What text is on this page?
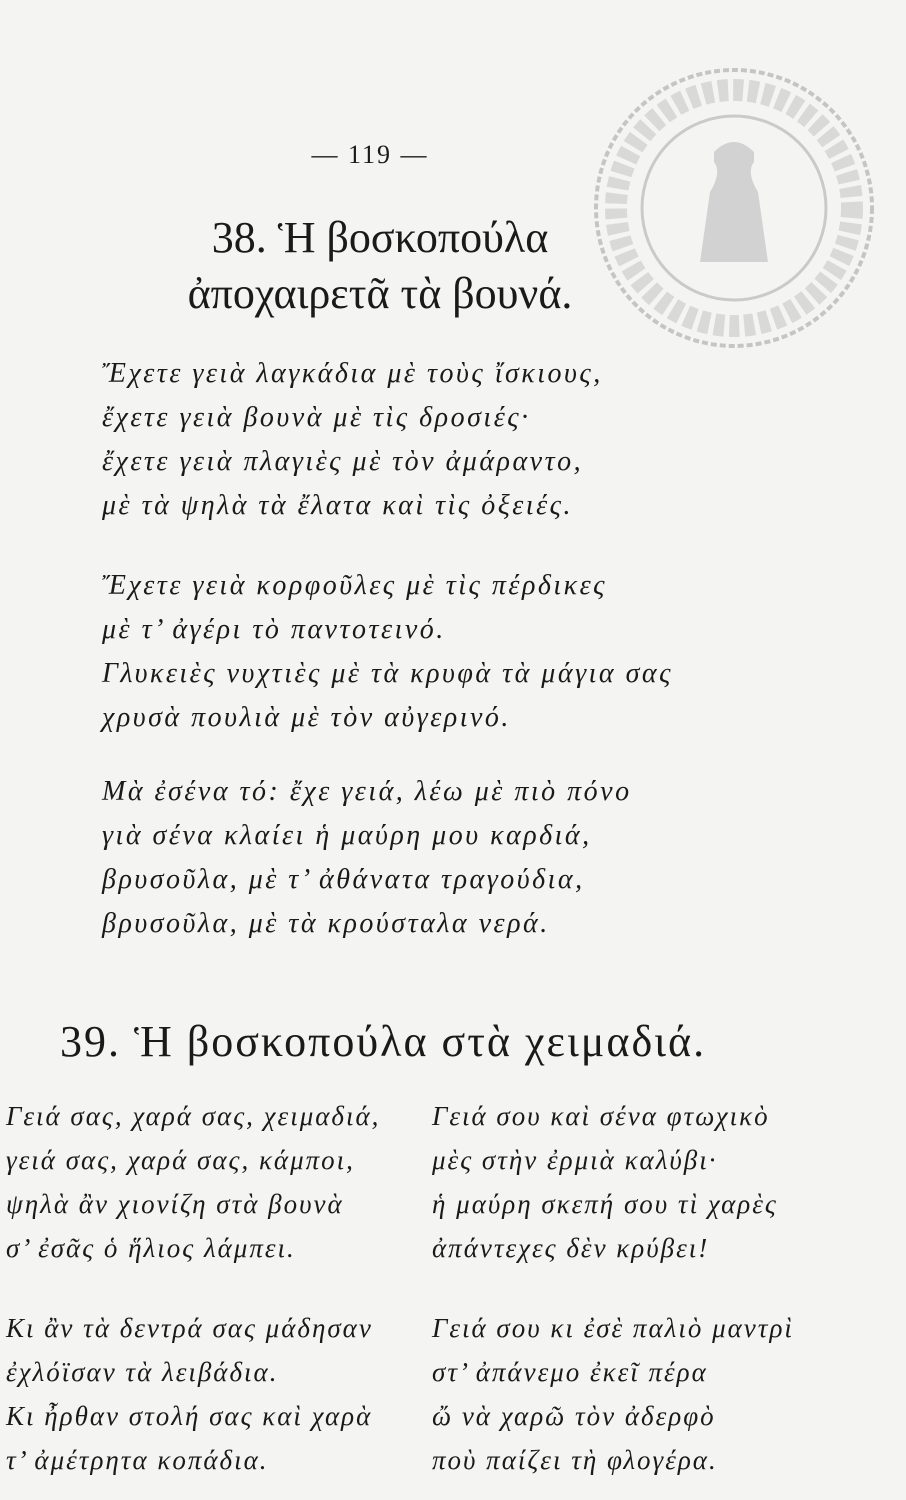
— 119 —
38. Ἡ βοσκοπούλα
ἀποχαιρετᾶ τὰ βουνά.
Ἔχετε γειὰ λαγκάδια μὲ τοὺς ἴσκιους,
ἔχετε γειὰ βουνὰ μὲ τὶς δροσιές·
ἔχετε γειὰ πλαγιὲς μὲ τὸν ἀμάραντο,
μὲ τὰ ψηλὰ τὰ ἔλατα καὶ τὶς ὀξειές.
Ἔχετε γειὰ κορφοῦλες μὲ τὶς πέρδικες
μὲ τ’ ἀγέρι τὸ παντοτεινό.
Γλυκειὲς νυχτιὲς μὲ τὰ κρυφὰ τὰ μάγια σας
χρυσὰ πουλιὰ μὲ τὸν αὐγερινό.
Μὰ ἐσένα τό: ἔχε γειά, λέω μὲ πιὸ πόνο
γιὰ σένα κλαίει ἡ μαύρη μου καρδιά,
βρυσοῦλα, μὲ τ’ ἀθάνατα τραγούδια,
βρυσοῦλα, μὲ τὰ κρούσταλα νερά.
39. Ἡ βοσκοπούλα στὰ χειμαδιά.
Γειά σας, χαρά σας, χειμαδιά,
γειά σας, χαρά σας, κάμποι,
ψηλὰ ἂν χιονίζη στὰ βουνὰ
σ’ ἐσᾶς ὁ ἥλιος λάμπει.
Κι ἂν τὰ δεντρά σας μάδησαν
ἐχλόϊσαν τὰ λειβάδια.
Κι ἦρθαν στολή σας καὶ χαρὰ
τ’ ἀμέτρητα κοπάδια.
Γειά σου καὶ σένα φτωχικὸ
μὲς στὴν ἐρμιὰ καλύβι·
ἡ μαύρη σκεπή σου τὶ χαρὲς
ἀπάντεχες δὲν κρύβει!
Γειά σου κι ἐσὲ παλιὸ μαντρὶ
στ’ ἀπάνεμο ἐκεῖ πέρα
ὤ νὰ χαρῶ τὸν ἀδερφὸ
ποὺ παίζει τὴ φλογέρα.
